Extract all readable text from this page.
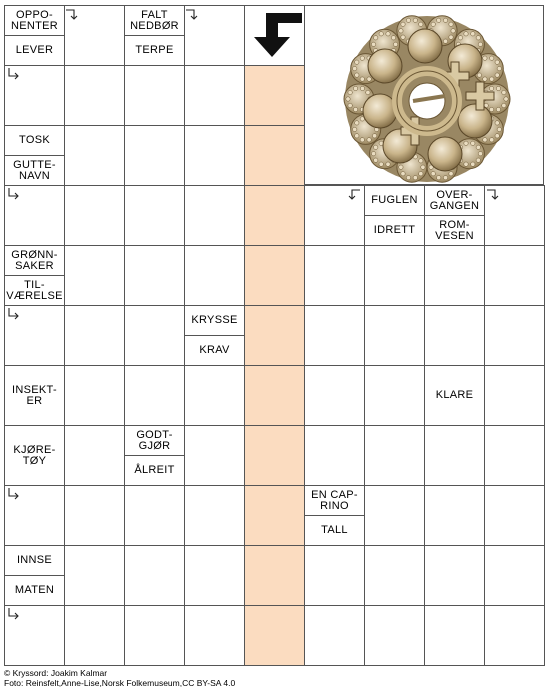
OPPO-
NENTER
LEVER
FALT
NEDBØR
TERPE
TOSK
GUTTE-
NAVN
GRØNN-
SAKER
TIL-
VÆRELSE
KRYSSE
KRAV
INSEKT-
ER
KJØRE-
TØY
GODT-
GJØR
ÅLREIT
FUGLEN
IDRETT
OVER-
GANGEN
ROM-
VESEN
KLARE
EN CAP-
RINO
TALL
INNSE
MATEN
© Kryssord: Joakim Kalmar
Foto: Reinsfelt,Anne-Lise,Norsk Folkemuseum,CC BY-SA 4.0
